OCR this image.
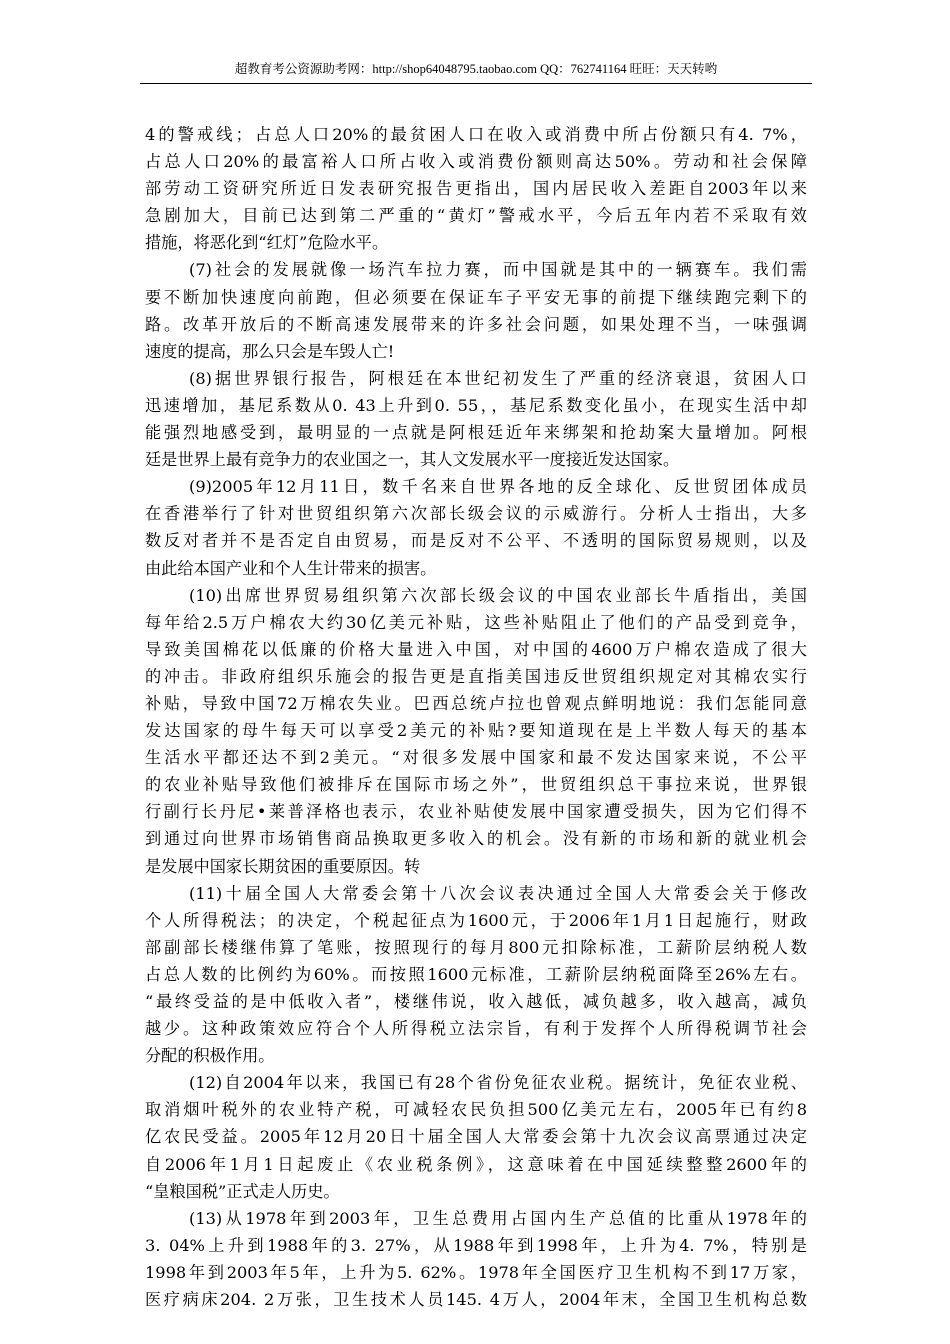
超教育考公资源助考网：http://shop64048795.taobao.com QQ：762741164 旺旺：天天转哟
4的警戒线；占总人口20%的最贫困人口在收入或消费中所占份额只有4. 7%，
占总人口20%的最富裕人口所占收入或消费份额则高达50%。劳动和社会保障
部劳动工资研究所近日发表研究报告更指出，国内居民收入差距自2003年以来
急剧加大，目前已达到第二严重的“黄灯”警戒水平，今后五年内若不采取有效
措施，将恶化到“红灯”危险水平。
(7)社会的发展就像一场汽车拉力赛，而中国就是其中的一辆赛车。我们需
要不断加快速度向前跑，但必须要在保证车子平安无事的前提下继续跑完剩下的
路。改革开放后的不断高速发展带来的许多社会问题，如果处理不当，一味强调
速度的提高，那么只会是车毁人亡!
(8)据世界银行报告，阿根廷在本世纪初发生了严重的经济衰退，贫困人口
迅速增加，基尼系数从0. 43上升到0. 55，，基尼系数变化虽小，在现实生活中却
能强烈地感受到，最明显的一点就是阿根廷近年来绑架和抢劫案大量增加。阿根
廷是世界上最有竞争力的农业国之一，其人文发展水平一度接近发达国家。
(9)2005年12月11日，数千名来自世界各地的反全球化、反世贸团体成员
在香港举行了针对世贸组织第六次部长级会议的示威游行。分析人士指出，大多
数反对者并不是否定自由贸易，而是反对不公平、不透明的国际贸易规则，以及
由此给本国产业和个人生计带来的损害。
(10)出席世界贸易组织第六次部长级会议的中国农业部长牛盾指出，美国
每年给2.5万户棉农大约30亿美元补贴，这些补贴阻止了他们的产品受到竞争，
导致美国棉花以低廉的价格大量进入中国，对中国的4600万户棉农造成了很大
的冲击。非政府组织乐施会的报告更是直指美国违反世贸组织规定对其棉农实行
补贴，导致中国72万棉农失业。巴西总统卢拉也曾观点鲜明地说：我们怎能同意
发达国家的母牛每天可以享受2美元的补贴?要知道现在是上半数人每天的基本
生活水平都还达不到2美元。“对很多发展中国家和最不发达国家来说，不公平
的农业补贴导致他们被排斥在国际市场之外”，世贸组织总干事拉来说，世界银
行副行长丹尼•莱普泽格也表示，农业补贴使发展中国家遭受损失，因为它们得不
到通过向世界市场销售商品换取更多收入的机会。没有新的市场和新的就业机会
是发展中国家长期贫困的重要原因。转
(11)十届全国人大常委会第十八次会议表决通过全国人大常委会关于修改
个人所得税法；的决定，个税起征点为1600元，于2006年1月1日起施行，财政
部副部长楼继伟算了笔账，按照现行的每月800元扣除标准，工薪阶层纳税人数
占总人数的比例约为60%。而按照1600元标准，工薪阶层纳税面降至26%左右。
“最终受益的是中低收入者”，楼继伟说，收入越低，减负越多，收入越高，减负
越少。这种政策效应符合个人所得税立法宗旨，有利于发挥个人所得税调节社会
分配的积极作用。
(12)自2004年以来，我国已有28个省份免征农业税。据统计，免征农业税、
取消烟叶税外的农业特产税，可减轻农民负担500亿美元左右，2005年已有约8
亿农民受益。2005年12月20日十届全国人大常委会第十九次会议高票通过决定
自2006年1月1日起废止《农业税条例》，这意味着在中国延续整整2600年的
“皇粮国税”正式走人历史。
(13)从1978年到2003年，卫生总费用占国内生产总值的比重从1978年的
3. 04%上升到1988年的3. 27%，从1988年到1998年，上升为4. 7%，特别是
1998年到2003年5年，上升为5. 62%。1978年全国医疗卫生机构不到17万家，
医疗病床204. 2万张，卫生技术人员145. 4万人，2004年末，全国卫生机构总数
